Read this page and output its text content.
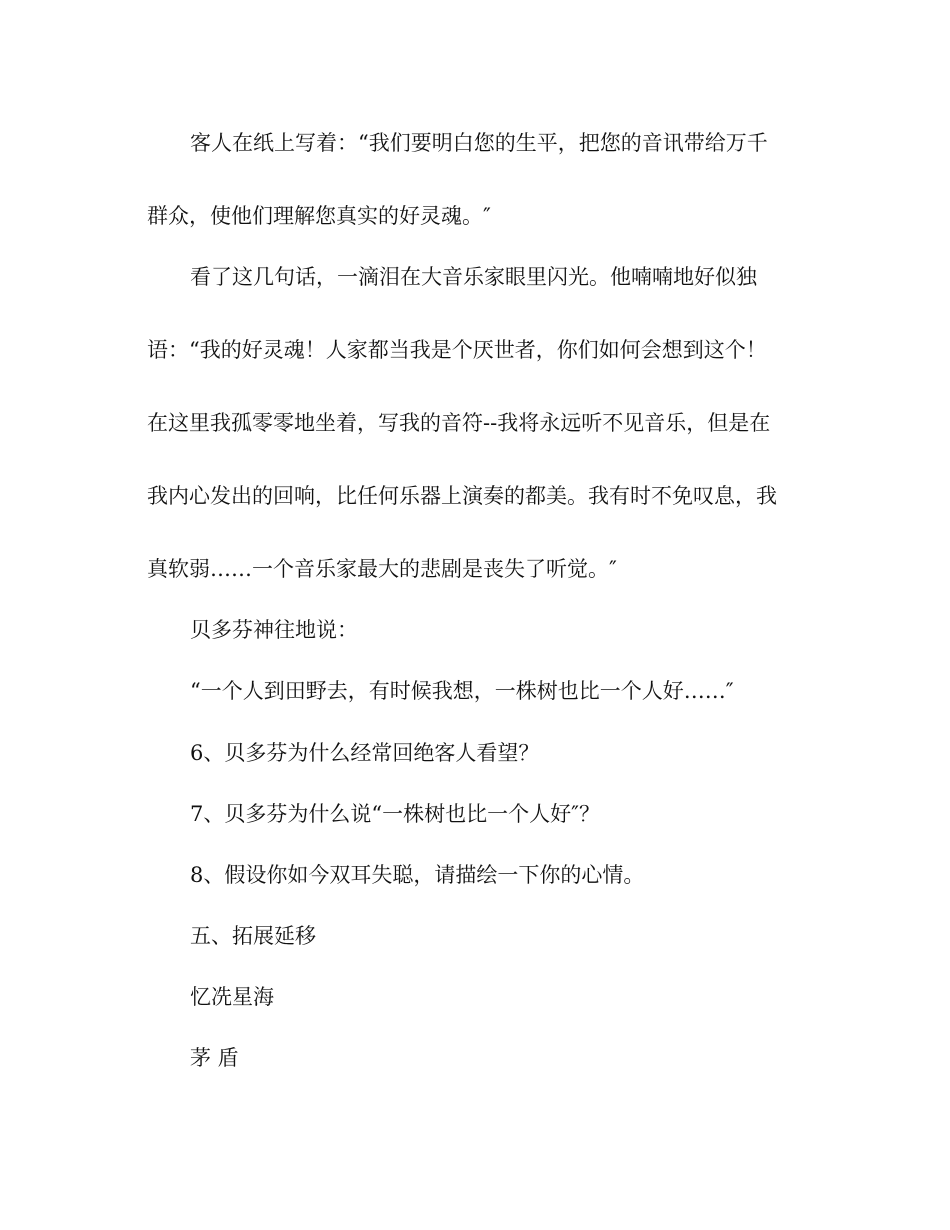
客人在纸上写着：“我们要明白您的生平，把您的音讯带给万千
群众，使他们理解您真实的好灵魂。″
看了这几句话，一滴泪在大音乐家眼里闪光。他喃喃地好似独
语：“我的好灵魂！人家都当我是个厌世者，你们如何会想到这个！
在这里我孤零零地坐着，写我的音符--我将永远听不见音乐，但是在
我内心发出的回响，比任何乐器上演奏的都美。我有时不免叹息，我
真软弱……一个音乐家最大的悲剧是丧失了听觉。″
贝多芬神往地说：
“一个人到田野去，有时候我想，一株树也比一个人好……″
6、贝多芬为什么经常回绝客人看望？
7、贝多芬为什么说“一株树也比一个人好″？
8、假设你如今双耳失聪，请描绘一下你的心情。
五、拓展延移
忆冼星海
茅 盾
